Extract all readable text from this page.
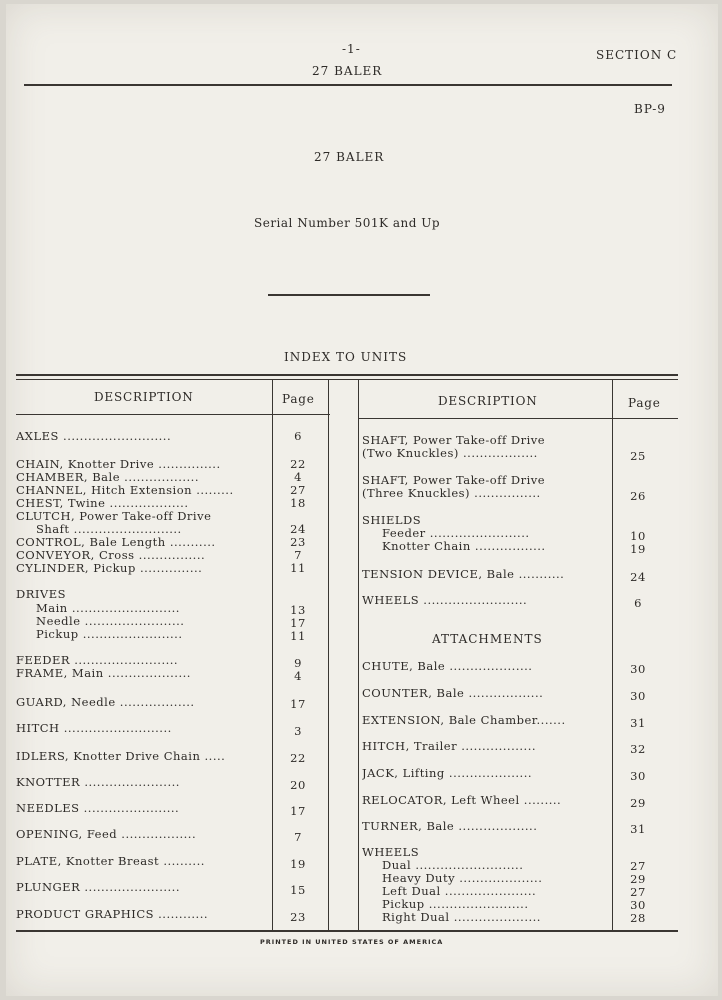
-1-
27 BALER
SECTION C
BP-9
27 BALER
Serial Number 501K and Up
INDEX TO UNITS
DESCRIPTION	Page	DESCRIPTION	Page
AXLES ..........................	6
CHAIN, Knotter Drive ...............	22
CHAMBER, Bale ..................	4
CHANNEL, Hitch Extension .........	27
CHEST, Twine ...................	18
CLUTCH, Power Take-off Drive
Shaft ..........................	24
CONTROL, Bale Length ...........	23
CONVEYOR, Cross ................	7
CYLINDER, Pickup ...............	11
DRIVES
Main ..........................	13
Needle ........................	17
Pickup ........................	11
FEEDER .........................	9
FRAME, Main ....................	4
GUARD, Needle ..................	17
HITCH ..........................	3
IDLERS, Knotter Drive Chain .....	22
KNOTTER .......................	20
NEEDLES .......................	17
OPENING, Feed ..................	7
PLATE, Knotter Breast ..........	19
PLUNGER .......................	15
PRODUCT GRAPHICS ............	23
SHAFT, Power Take-off Drive
(Two Knuckles) ..................	25
SHAFT, Power Take-off Drive
(Three Knuckles) ................	26
SHIELDS
Feeder ........................	10
Knotter Chain .................	19
TENSION DEVICE, Bale ...........	24
WHEELS .........................	6
ATTACHMENTS
CHUTE, Bale ....................	30
COUNTER, Bale ..................	30
EXTENSION, Bale Chamber.......	31
HITCH, Trailer ..................	32
JACK, Lifting ....................	30
RELOCATOR, Left Wheel .........	29
TURNER, Bale ...................	31
WHEELS
Dual ..........................	27
Heavy Duty ....................	29
Left Dual ......................	27
Pickup ........................	30
Right Dual .....................	28
PRINTED IN UNITED STATES OF AMERICA
